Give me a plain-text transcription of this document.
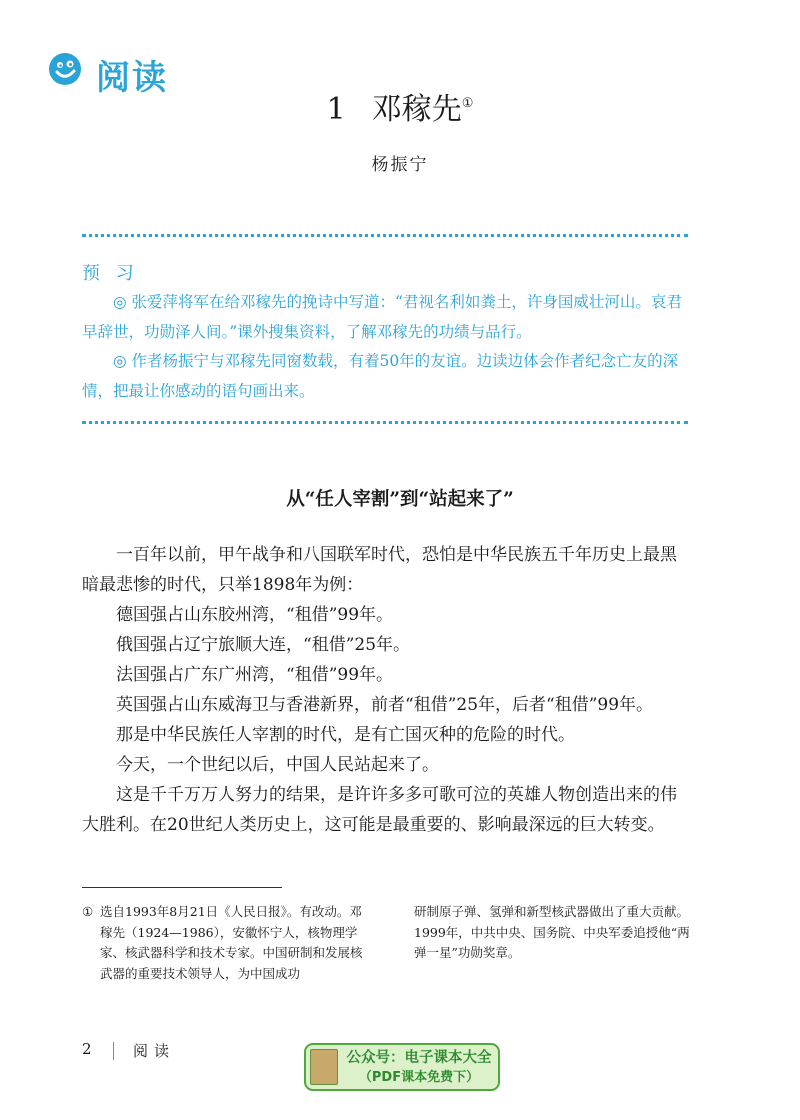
阅读
1 邓稼先①
杨振宁
预 习

◎ 张爱萍将军在给邓稼先的挽诗中写道：“君视名利如粪土，许身国威壮河山。哀君早辞世，功勋泽人间。”课外搜集资料，了解邓稼先的功绩与品行。

◎ 作者杨振宁与邓稼先同窗数载，有着50年的友谊。边读边体会作者纪念亡友的深情，把最让你感动的语句画出来。

从“任人宰割”到“站起来了”

一百年以前，甲午战争和八国联军时代，恐怕是中华民族五千年历史上最黑暗最悲惨的时代，只举1898年为例：

德国强占山东胶州湾，“租借”99年。

俄国强占辽宁旅顺大连，“租借”25年。

法国强占广东广州湾，“租借”99年。

英国强占山东威海卫与香港新界，前者“租借”25年，后者“租借”99年。

那是中华民族任人宰割的时代，是有亡国灭种的危险的时代。

今天，一个世纪以后，中国人民站起来了。

这是千千万万人努力的结果，是许许多多可歌可泣的英雄人物创造出来的伟大胜利。在20世纪人类历史上，这可能是最重要的、影响最深远的巨大转变。

① 选自1993年8月21日《人民日报》。有改动。邓稼先（1924—1986），安徽怀宁人，核物理学家、核武器科学和技术专家。中国研制和发展核武器的重要技术领导人，为中国成功
研制原子弹、氢弹和新型核武器做出了重大贡献。1999年，中共中央、国务院、中央军委追授他“两弹一星”功勋奖章。
2	阅读	公众号：电子课本大全
（PDF课本免费下）
